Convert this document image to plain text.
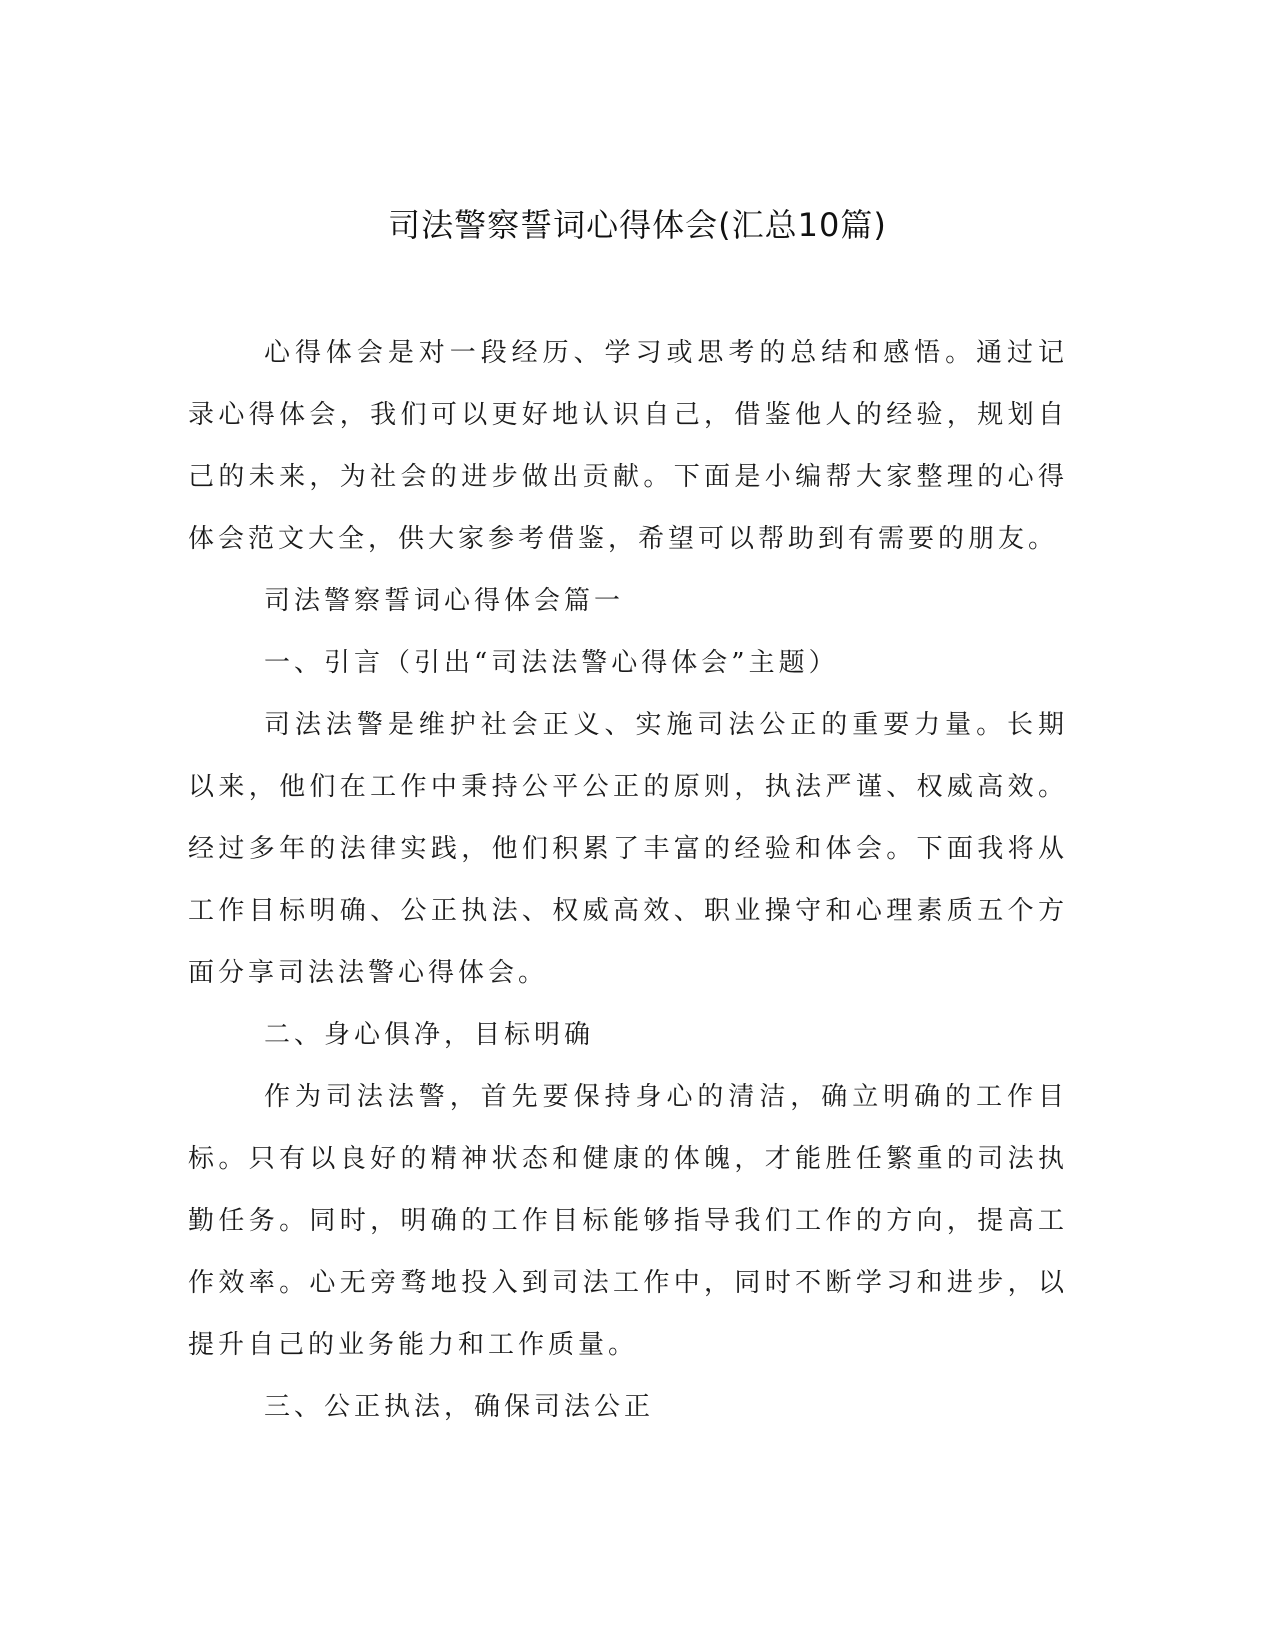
司法警察誓词心得体会(汇总10篇)

心得体会是对一段经历、学习或思考的总结和感悟。通过记录心得体会，我们可以更好地认识自己，借鉴他人的经验，规划自己的未来，为社会的进步做出贡献。下面是小编帮大家整理的心得体会范文大全，供大家参考借鉴，希望可以帮助到有需要的朋友。

司法警察誓词心得体会篇一

一、引言（引出“司法法警心得体会”主题）

司法法警是维护社会正义、实施司法公正的重要力量。长期以来，他们在工作中秉持公平公正的原则，执法严谨、权威高效。经过多年的法律实践，他们积累了丰富的经验和体会。下面我将从工作目标明确、公正执法、权威高效、职业操守和心理素质五个方面分享司法法警心得体会。

二、身心俱净，目标明确

作为司法法警，首先要保持身心的清洁，确立明确的工作目标。只有以良好的精神状态和健康的体魄，才能胜任繁重的司法执勤任务。同时，明确的工作目标能够指导我们工作的方向，提高工作效率。心无旁骛地投入到司法工作中，同时不断学习和进步，以提升自己的业务能力和工作质量。

三、公正执法，确保司法公正
